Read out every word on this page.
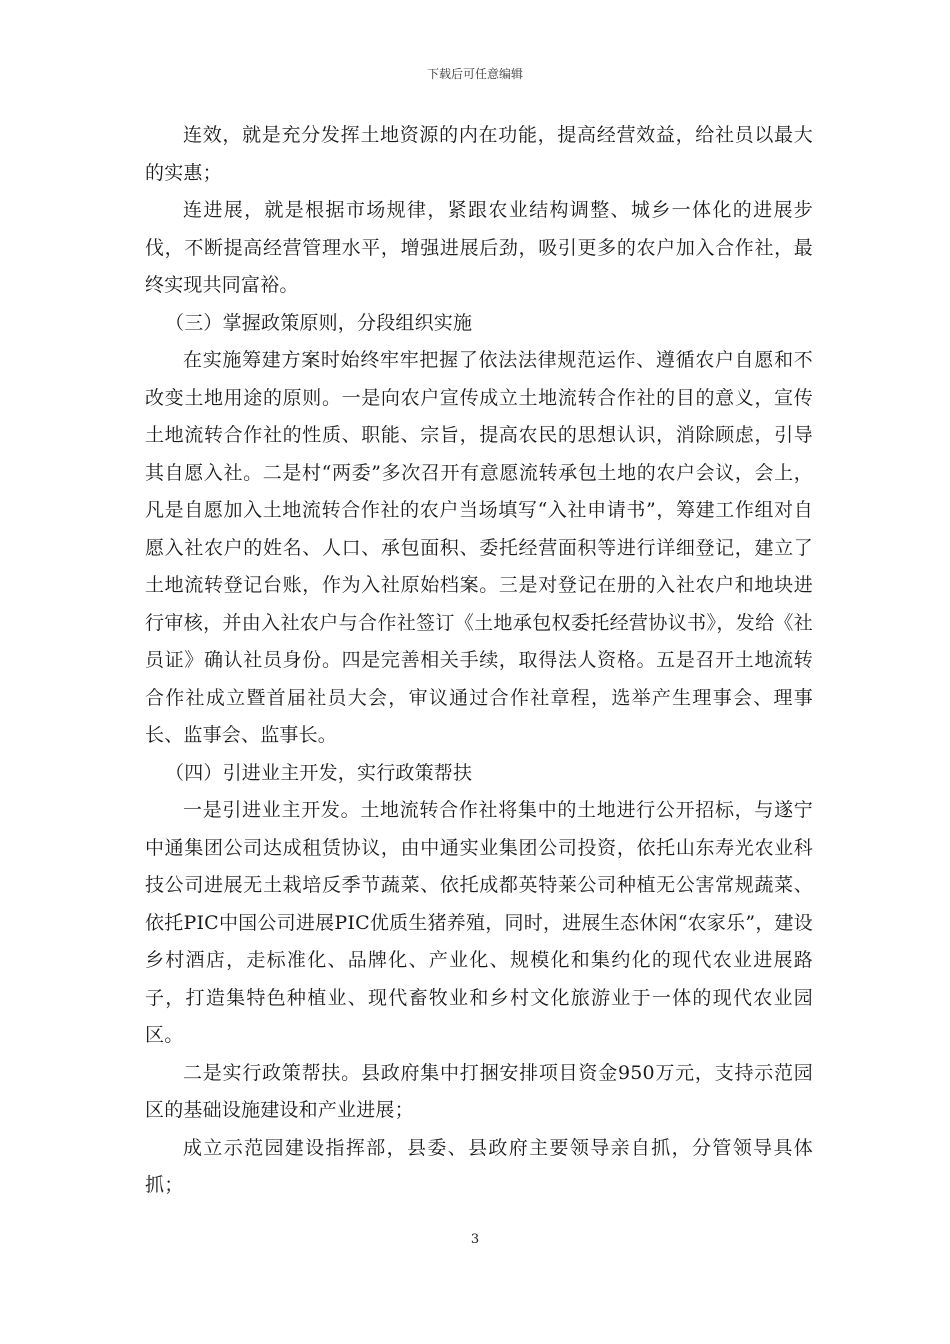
下载后可任意编辑

连效，就是充分发挥土地资源的内在功能，提高经营效益，给社员以最大的实惠；

连进展，就是根据市场规律，紧跟农业结构调整、城乡一体化的进展步伐，不断提高经营管理水平，增强进展后劲，吸引更多的农户加入合作社，最终实现共同富裕。

（三）掌握政策原则，分段组织实施

在实施筹建方案时始终牢牢把握了依法法律规范运作、遵循农户自愿和不改变土地用途的原则。一是向农户宣传成立土地流转合作社的目的意义，宣传土地流转合作社的性质、职能、宗旨，提高农民的思想认识，消除顾虑，引导其自愿入社。二是村“两委”多次召开有意愿流转承包土地的农户会议，会上，凡是自愿加入土地流转合作社的农户当场填写“入社申请书”，筹建工作组对自愿入社农户的姓名、人口、承包面积、委托经营面积等进行详细登记，建立了土地流转登记台账，作为入社原始档案。三是对登记在册的入社农户和地块进行审核，并由入社农户与合作社签订《土地承包权委托经营协议书》，发给《社员证》确认社员身份。四是完善相关手续，取得法人资格。五是召开土地流转合作社成立暨首届社员大会，审议通过合作社章程，选举产生理事会、理事长、监事会、监事长。

（四）引进业主开发，实行政策帮扶

一是引进业主开发。土地流转合作社将集中的土地进行公开招标，与遂宁中通集团公司达成租赁协议，由中通实业集团公司投资，依托山东寿光农业科技公司进展无土栽培反季节蔬菜、依托成都英特莱公司种植无公害常规蔬菜、依托PIC中国公司进展PIC优质生猪养殖，同时，进展生态休闲“农家乐”，建设乡村酒店，走标准化、品牌化、产业化、规模化和集约化的现代农业进展路子，打造集特色种植业、现代畜牧业和乡村文化旅游业于一体的现代农业园区。

二是实行政策帮扶。县政府集中打捆安排项目资金950万元，支持示范园区的基础设施建设和产业进展；

成立示范园建设指挥部，县委、县政府主要领导亲自抓，分管领导具体抓；

3
